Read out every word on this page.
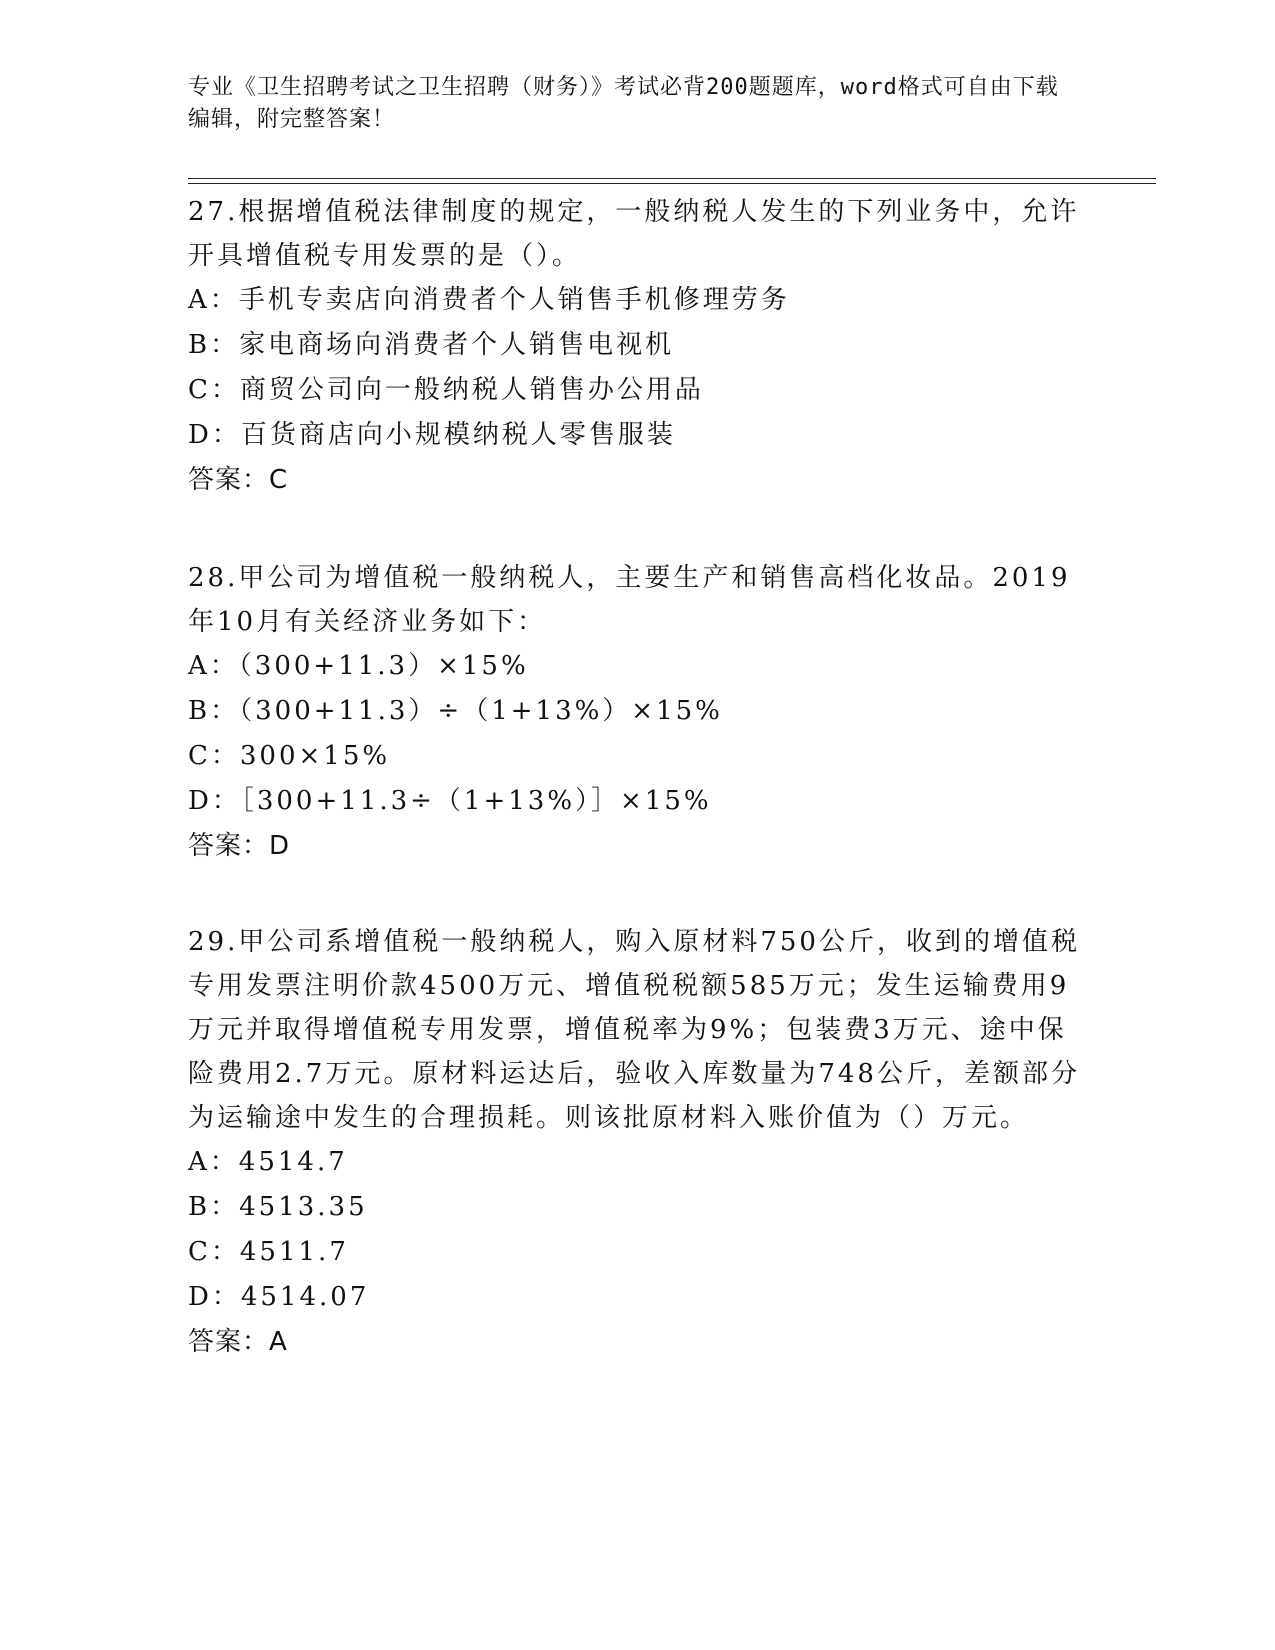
专业《卫生招聘考试之卫生招聘（财务）》考试必背200题题库，word格式可自由下载编辑，附完整答案！
27.根据增值税法律制度的规定，一般纳税人发生的下列业务中，允许开具增值税专用发票的是（）。
A：手机专卖店向消费者个人销售手机修理劳务
B：家电商场向消费者个人销售电视机
C：商贸公司向一般纳税人销售办公用品
D：百货商店向小规模纳税人零售服装
答案：C
28.甲公司为增值税一般纳税人，主要生产和销售高档化妆品。2019年10月有关经济业务如下：
A：（300+11.3）×15%
B：（300+11.3）÷（1+13%）×15%
C：300×15%
D：［300+11.3÷（1+13%）］×15%
答案：D
29.甲公司系增值税一般纳税人，购入原材料750公斤，收到的增值税专用发票注明价款4500万元、增值税税额585万元；发生运输费用9万元并取得增值税专用发票，增值税率为9%；包装费3万元、途中保险费用2.7万元。原材料运达后，验收入库数量为748公斤，差额部分为运输途中发生的合理损耗。则该批原材料入账价值为（）万元。
A：4514.7
B：4513.35
C：4511.7
D：4514.07
答案：A
